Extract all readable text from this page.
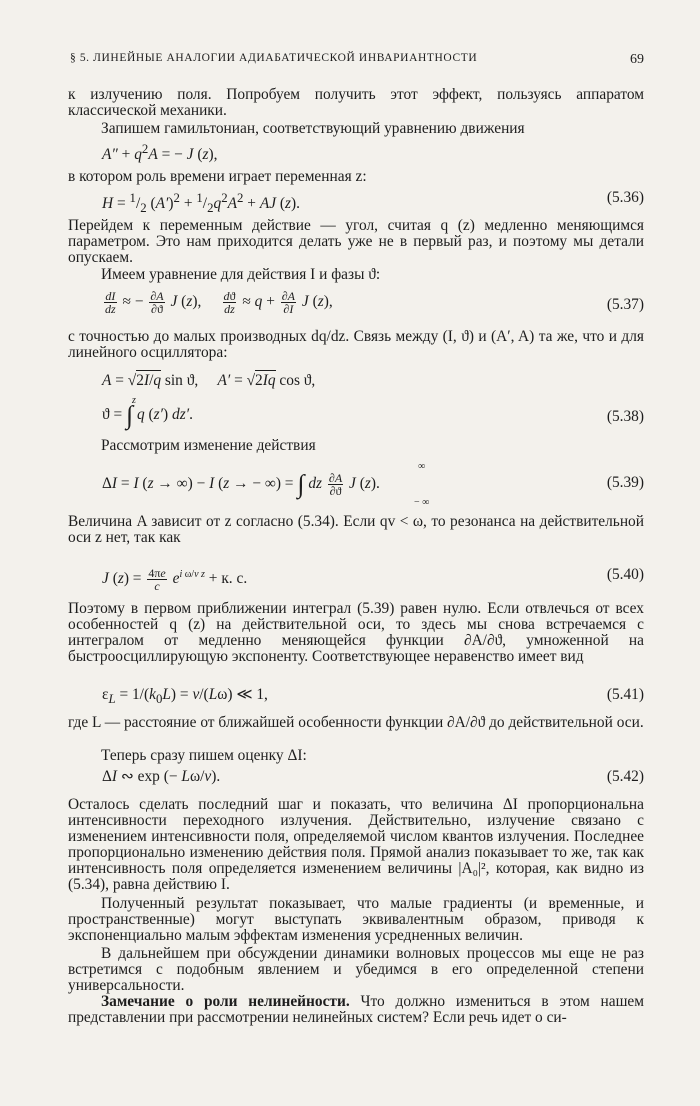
§ 5. ЛИНЕЙНЫЕ АНАЛОГИИ АДИАБАТИЧЕСКОЙ ИНВАРИАНТНОСТИ	69
к излучению поля. Попробуем получить этот эффект, пользуясь аппаратом классической механики.
Запишем гамильтониан, соответствующий уравнению движения
$A'' + q^2A$ = − J (z),
в котором роль времени играет переменная z:
$H = ^1/_2$ $(A')^2 + ^1/_2q^2A^2$ + AJ (z).	(5.36)
Перейдем к переменным действие — угол, считая q (z) медленно меняющимся параметром. Это нам приходится делать уже не в первый раз, и поэтому мы детали опускаем.
Имеем уравнение для действия I и фазы ϑ:
$\frac{dI}{dz}$ ≈ − $\frac{\partial A}{\partial ϑ}$ J (z), $\frac{dϑ}{dz} \approx q + \frac{\partial A}{\partial I}$ J (z),	(5.37)
с точностью до малых производных dq/dz. Связь между (I, ϑ) и (A′, A) та же, что и для линейного осциллятора:
A = √2I/q sin ϑ,     A′ = √2Iq cos ϑ,
ϑ = ∫ q (z′) dz′.
z
(5.38)
Рассмотрим изменение действия
ΔI = I (z → ∞) − I (z → − ∞) = ∫ dz $\frac{\partial A}{\partial ϑ}$ J (z).
∞
− ∞
(5.39)
Величина A зависит от z согласно (5.34). Если qv < ω, то резонанса на действительной оси z нет, так как
J $(z) = \frac{4\pi e}{c} e^{i \omega/v z} + к$. с.	(5.40)
Поэтому в первом приближении интеграл (5.39) равен нулю. Если отвлечься от всех особенностей q (z) на действительной оси, то здесь мы снова встречаемся с интегралом от медленно меняющейся функции ∂A/∂ϑ, умноженной на быстроосциллирующую экспоненту. Соответствующее неравенство имеет вид
$\varepsilon_L = 1/(k_0L) = v/(L\omega)$ ≪ 1,	(5.41)
где L — расстояние от ближайшей особенности функции ∂A/∂ϑ до действительной оси.
Теперь сразу пишем оценку ΔI:
ΔI ∾ exp (− Lω/v).	(5.42)
Осталось сделать последний шаг и показать, что величина ΔI пропорциональна интенсивности переходного излучения. Действительно, излучение связано с изменением интенсивности поля, определяемой числом квантов излучения. Последнее пропорционально изменению действия поля. Прямой анализ показывает то же, так как интенсивность поля определяется изменением величины |A₀|², которая, как видно из (5.34), равна действию I.
Полученный результат показывает, что малые градиенты (и временные, и пространственные) могут выступать эквивалентным образом, приводя к экспоненциально малым эффектам изменения усредненных величин.
В дальнейшем при обсуждении динамики волновых процессов мы еще не раз встретимся с подобным явлением и убедимся в его определенной степени универсальности.
Замечание о роли нелинейности. Что должно измениться в этом нашем представлении при рассмотрении нелинейных систем? Если речь идет о си-
